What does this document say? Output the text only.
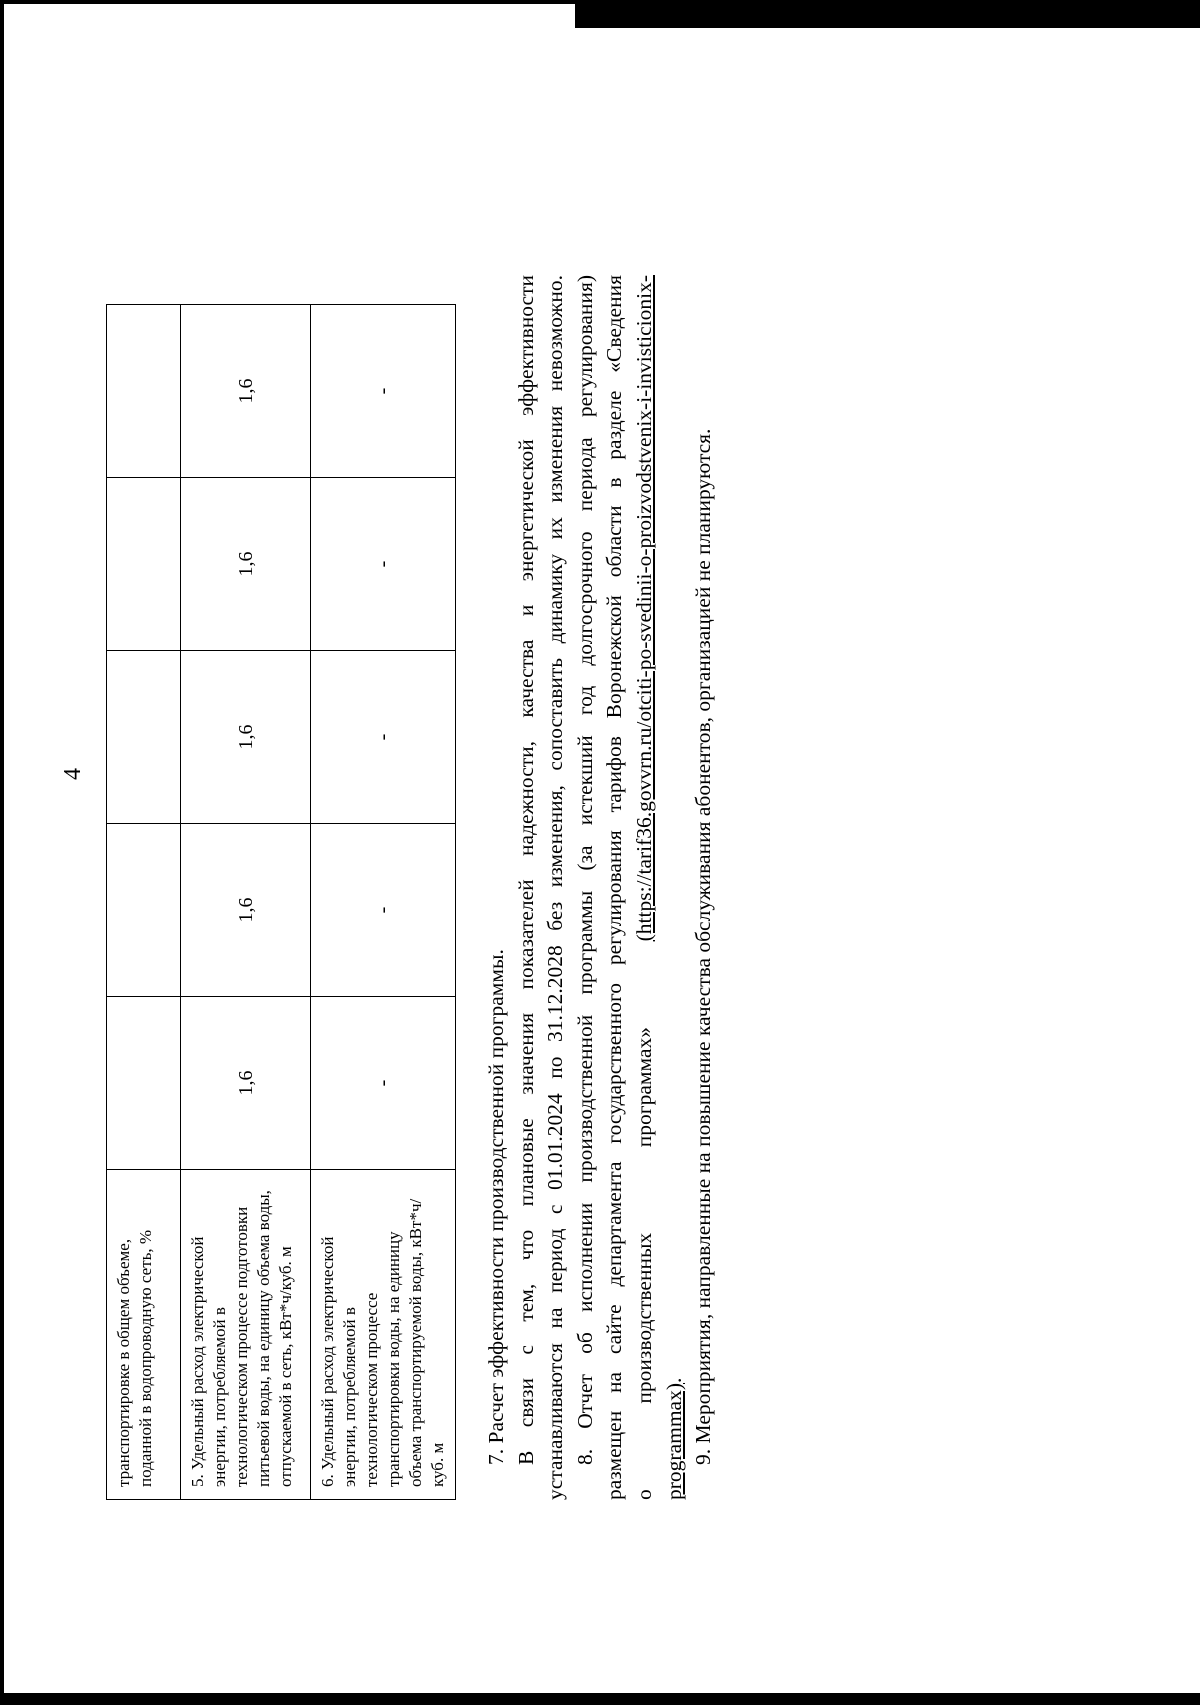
4
транспортировке в общем объеме, поданной в водопроводную сеть, %					
5. Удельный расход электрической энергии, потребляемой в технологическом процессе подготовки питьевой воды, на единицу объема воды, отпускаемой в сеть, кВт*ч/куб. м	1,6	1,6	1,6	1,6	1,6
6. Удельный расход электрической энергии, потребляемой в технологическом процессе транспортировки воды, на единицу объема транспортируемой воды, кВт*ч/куб. м	-	-	-	-	-

7. Расчет эффективности производственной программы. В связи с тем, что плановые значения показателей надежности, качества и энергетической эффективности устанавливаются на период с 01.01.2024 по 31.12.2028 без изменения, сопоставить динамику их изменения невозможно. 8. Отчет об исполнении производственной программы (за истекший год долгосрочного периода регулирования) размещен на сайте департамента государственного регулирования тарифов Воронежской области в разделе «Сведения о
производственных
программах»
(https://tarif36.govvrn.ru/otciti-po-svedinii-o-proizvodstvenix-i-invisticionix-

programmax). 9. Мероприятия, направленные на повышение качества обслуживания абонентов, организацией не планируются.
